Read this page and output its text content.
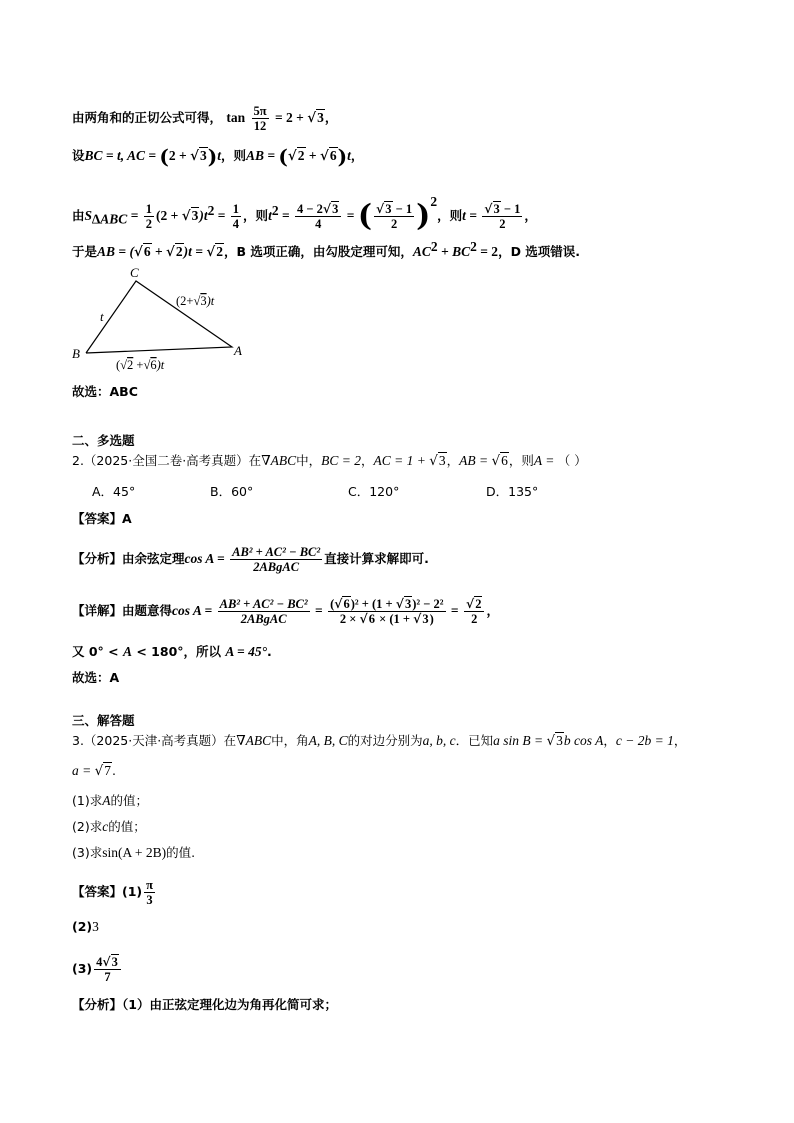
由两角和的正切公式可得， $\tan \frac{5\pi}{12} = 2 + √3$，
设BC = t, AC = (2 + √3)t，则AB = (√2 + √6)t，
由$S_{\Delta ABC} = \frac{1}{2} (2 + √3)t^2 = \frac{1}{4}$ ，则$t^2 = \frac{4 - 2√3}{4}$ = ( $\frac{√3 - 1}{2} )^2$，则$t = \frac{√3 - 1}{2}$ ，
于是AB = (√6 + √2)t = √2，B 选项正确，由勾股定理可知，$AC^2 + BC^2 = 2$，D 选项错误.
C
B	A
t
(2+√3)t
(√2 +√6)t
故选：ABC
二、多选题
2.（2025·全国二卷·高考真题）在∇ABC中，BC = 2，AC = 1 + √3，AB = √6，则A = （ ）
A．45°	B．60°	C．120°	D．135°
【答案】A
【分析】由余弦定理$\cos A = \frac{\text{AB² + AC² − BC²}}{\text{2ABgAC}}$ 直接计算求解即可.
【详解】由题意得$\cos A = \frac{\text{AB² + AC² − BC²}}{\text{2ABgAC}} = \frac{\text{(√6)² + (1 + √3)² − 2²}}{2 \times √6 \times (1 + √3)} = \frac{√2}{2}$ ，
又 0° < A < 180°，所以 A = 45°.
故选：A
三、解答题
3.（2025·天津·高考真题）在∇ABC中，角A, B, C的对边分别为a, b, c．已知a sin B = √3b cos A，c − 2b = 1，
a = √7.
(1)求A的值；
(2)求c的值；
(3)求sin(A + 2B)的值.
【答案】$(1) \frac{\pi}{3}$
(2)3
$(3) \frac{4√3}{7}$
【分析】（1）由正弦定理化边为角再化简可求；
